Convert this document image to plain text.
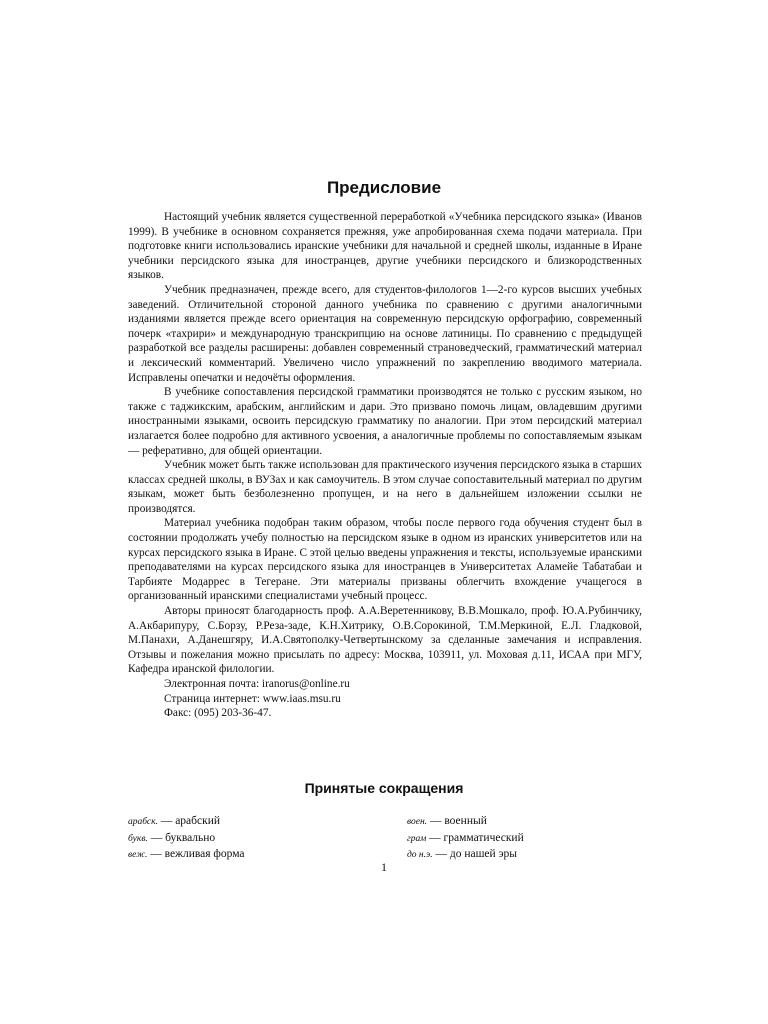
Предисловие

Настоящий учебник является существенной переработкой «Учебника персидского языка» (Иванов 1999). В учебнике в основном сохраняется прежняя, уже апробированная схема подачи материала. При подготовке книги использовались иранские учебники для начальной и средней школы, изданные в Иране учебники персидского языка для иностранцев, другие учебники персидского и близкородственных языков.

Учебник предназначен, прежде всего, для студентов-филологов 1—2-го курсов высших учебных заведений. Отличительной стороной данного учебника по сравнению с другими аналогичными изданиями является прежде всего ориентация на современную персидскую орфографию, современный почерк «тахрири» и международную транскрипцию на основе латиницы. По сравнению с предыдущей разработкой все разделы расширены: добавлен современный страноведческий, грамматический материал и лексический комментарий. Увеличено число упражнений по закреплению вводимого материала. Исправлены опечатки и недочёты оформления.

В учебнике сопоставления персидской грамматики производятся не только с русским языком, но также с таджикским, арабским, английским и дари. Это призвано помочь лицам, овладевшим другими иностранными языками, освоить персидскую грамматику по аналогии. При этом персидский материал излагается более подробно для активного усвоения, а аналогичные проблемы по сопоставляемым языкам — реферативно, для общей ориентации.

Учебник может быть также использован для практического изучения персидского языка в старших классах средней школы, в ВУЗах и как самоучитель. В этом случае сопоставительный материал по другим языкам, может быть безболезненно пропущен, и на него в дальнейшем изложении ссылки не производятся.

Материал учебника подобран таким образом, чтобы после первого года обучения студент был в состоянии продолжать учебу полностью на персидском языке в одном из иранских университетов или на курсах персидского языка в Иране. С этой целью введены упражнения и тексты, используемые иранскими преподавателями на курсах персидского языка для иностранцев в Университетах Аламейе Табатабаи и Тарбияте Модаррес в Тегеране. Эти материалы призваны облегчить вхождение учащегося в организованный иранскими специалистами учебный процесс.

Авторы приносят благодарность проф. А.А.Веретенникову, В.В.Мошкало, проф. Ю.А.Рубинчику, А.Акбарипуру, С.Борзу, Р.Реза-заде, К.Н.Хитрику, О.В.Сорокиной, Т.М.Меркиной, Е.Л. Гладковой, М.Панахи, А.Данешгяру, И.А.Святополку-Четвертынскому за сделанные замечания и исправления. Отзывы и пожелания можно присылать по адресу: Москва, 103911, ул. Моховая д.11, ИСАА при МГУ, Кафедра иранской филологии.

Электронная почта: iranorus@online.ru

Страница интернет: www.iaas.msu.ru

Факс: (095) 203-36-47.

Принятые сокращения
арабск. — арабский
букв. — буквально
веж. — вежливая форма
воен. — военный
грам — грамматический
до н.э. — до нашей эры
1
